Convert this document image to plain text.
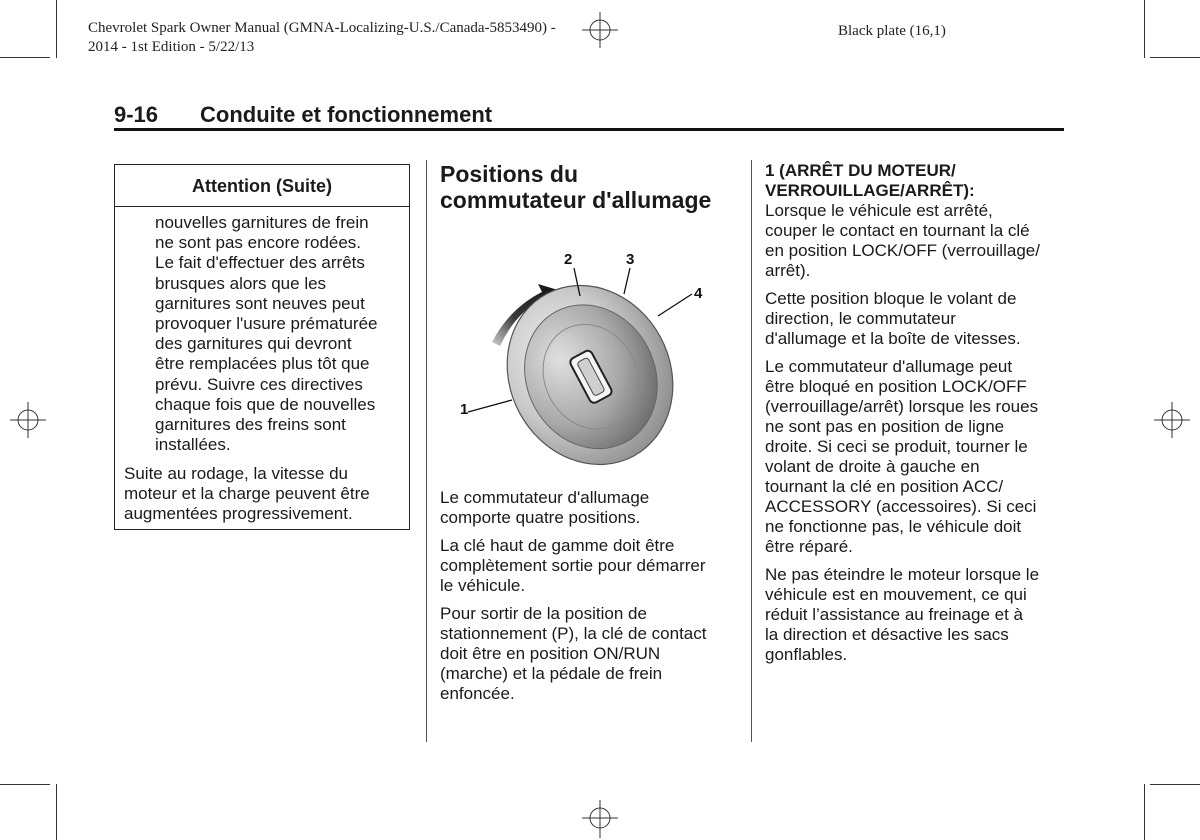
Chevrolet Spark Owner Manual (GMNA-Localizing-U.S./Canada-5853490) -
2014 - 1st Edition - 5/22/13
Black plate (16,1)
9-16 Conduite et fonctionnement
Attention (Suite)
nouvelles garnitures de frein
ne sont pas encore rodées.
Le fait d'effectuer des arrêts
brusques alors que les
garnitures sont neuves peut
provoquer l'usure prématurée
des garnitures qui devront
être remplacées plus tôt que
prévu. Suivre ces directives
chaque fois que de nouvelles
garnitures des freins sont
installées.
Suite au rodage, la vitesse du
moteur et la charge peuvent être
augmentées progressivement.
Positions du
commutateur d'allumage
1
2	3
4
Le commutateur d'allumage
comporte quatre positions.
La clé haut de gamme doit être
complètement sortie pour démarrer
le véhicule.
Pour sortir de la position de
stationnement (P), la clé de contact
doit être en position ON/RUN
(marche) et la pédale de frein
enfoncée.
1 (ARRÊT DU MOTEUR/
VERROUILLAGE/ARRÊT):
Lorsque le véhicule est arrêté,
couper le contact en tournant la clé
en position LOCK/OFF (verrouillage/
arrêt).
Cette position bloque le volant de
direction, le commutateur
d'allumage et la boîte de vitesses.
Le commutateur d'allumage peut
être bloqué en position LOCK/OFF
(verrouillage/arrêt) lorsque les roues
ne sont pas en position de ligne
droite. Si ceci se produit, tourner le
volant de droite à gauche en
tournant la clé en position ACC/
ACCESSORY (accessoires). Si ceci
ne fonctionne pas, le véhicule doit
être réparé.
Ne pas éteindre le moteur lorsque le
véhicule est en mouvement, ce qui
réduit l’assistance au freinage et à
la direction et désactive les sacs
gonflables.
